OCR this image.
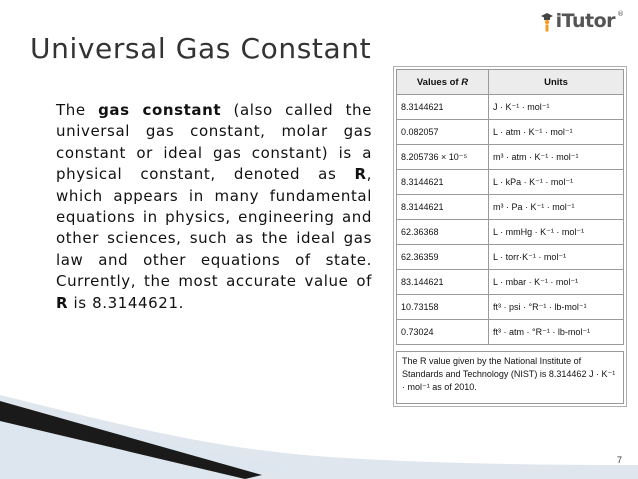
iTutor ®
Universal Gas Constant
The gas constant (also called the universal gas constant, molar gas constant or ideal gas constant) is a physical constant, denoted as R, which appears in many fundamental equations in physics, engineering and other sciences, such as the ideal gas law and other equations of state. Currently, the most accurate value of R is 8.3144621.
Values of R	Units
8.3144621	J · K⁻¹ · mol⁻¹
0.082057	L · atm · K⁻¹ · mol⁻¹
8.205736 × 10⁻⁵	m³ · atm · K⁻¹ · mol⁻¹
8.3144621	L · kPa · K⁻¹ · mol⁻¹
8.3144621	m³ · Pa · K⁻¹ · mol⁻¹
62.36368	L · mmHg · K⁻¹ · mol⁻¹
62.36359	L · torr·K⁻¹ · mol⁻¹
83.144621	L · mbar · K⁻¹ · mol⁻¹
10.73158	ft³ · psi · °R⁻¹ · lb-mol⁻¹
0.73024	ft³ · atm · °R⁻¹ · lb-mol⁻¹
The R value given by the National Institute of Standards and Technology (NIST) is 8.314462 J · K⁻¹ · mol⁻¹ as of 2010.
7
